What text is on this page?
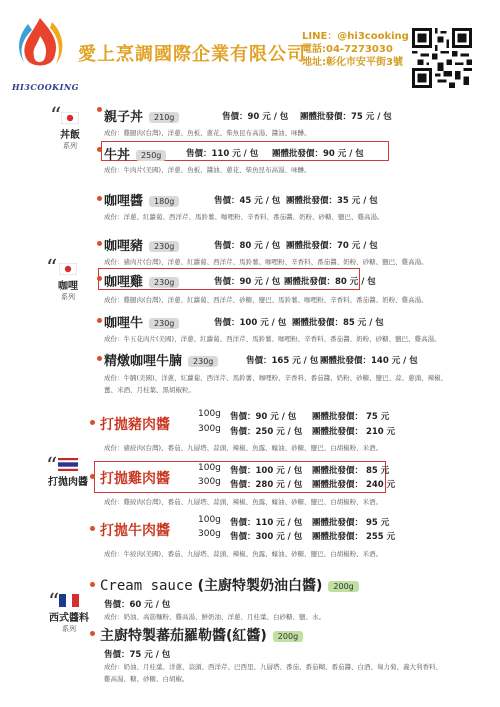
HI3COOKING
愛上烹調國際企業有限公司
LINE：@hi3cooking
電話:04-7273030
地址:彰化市安平街3號
“
丼飯
系列
“
咖哩
系列
“
打拋肉醬
“
西式醬料
系列
親子丼 210g	售價：90 元 / 包 團體批發價：75 元 / 包
成份：雞腿肉(台灣)、洋蔥、魚板、蔥花、柴魚昆布高湯、醬油、味醂。
牛丼 250g	售價：110 元 / 包 團體批發價：90 元 / 包
成份：牛肉片(美國)、洋蔥、魚板、醬油、蔥花、柴魚昆布高湯、味醂。
咖哩醬 180g	售價：45 元 / 包 團體批發價：35 元 / 包
成份：洋蔥、紅蘿蔔、西洋芹、馬鈴薯、咖哩粉、辛香料、番茄醬、奶粉、砂糖、鹽巴、雞高湯。
咖哩豬 230g	售價：80 元 / 包 團體批發價：70 元 / 包
成份：豬肉片(台灣)、洋蔥、紅蘿蔔、西洋芹、馬鈴薯、咖哩粉、辛香料、番茄醬、奶粉、砂糖、鹽巴、雞高湯。
咖哩雞 230g	售價：90 元 / 包 團體批發價：80 元 / 包
成份：雞腿肉(台灣)、洋蔥、紅蘿蔔、西洋芹、砂糖、鹽巴、馬鈴薯、咖哩粉、辛香料、番茄醬、奶粉、雞高湯。
咖哩牛 230g	售價：100 元 / 包 團體批發價：85 元 / 包
成份：牛五花肉片(美國)、洋蔥、紅蘿蔔、西洋芹、馬鈴薯、咖哩粉、辛香料、番茄醬、奶粉、砂糖、鹽巴、雞高湯。
精燉咖哩牛腩 230g	售價：165 元 / 包 團體批發價：140 元 / 包
成份：牛腩(美國)、洋蔥、紅蘿蔔、西洋芹、馬鈴薯、咖哩粉、辛香料、番茄醬、奶粉、砂糖、鹽巴、蒜、蔥頭、辣椒、
薑、米酒、月桂葉、黑胡椒粒。
打拋豬肉醬
100g 售價：90 元 / 包 團體批發價： 75 元
300g 售價：250 元 / 包 團體批發價： 210 元
成份：豬絞肉(台灣)、番茄、九層塔、蒜頭、辣椒、魚露、蠔油、砂糖、鹽巴、白胡椒粉、米酒。
打拋雞肉醬
100g 售價：100 元 / 包 團體批發價： 85 元
300g 售價：280 元 / 包 團體批發價： 240 元
成份：雞絞肉(台灣)、番茄、九層塔、蒜頭、辣椒、魚露、蠔油、砂糖、鹽巴、白胡椒粉、米酒。
打拋牛肉醬
100g 售價：110 元 / 包 團體批發價： 95 元
300g 售價：300 元 / 包 團體批發價： 255 元
成份：牛絞肉(美國)、番茄、九層塔、蒜頭、辣椒、魚露、蠔油、砂糖、鹽巴、白胡椒粉、米酒。
Cream sauce (主廚特製奶油白醬) 200g
售價：60 元 / 包
成份：奶油、高筋麵粉、雞高湯、鮮奶油、洋蔥、月桂葉、白砂糖、鹽、水。
主廚特製蕃茄羅勒醬(紅醬) 200g
售價：75 元 / 包
成份：奶油、月桂葉、洋蔥、蒜頭、西洋芹、巴西里、九層塔、番茄、番茄糊、番茄醬、白酒、匈力菊、義大利香料、
雞高湯、糖、砂糖、白胡椒。
